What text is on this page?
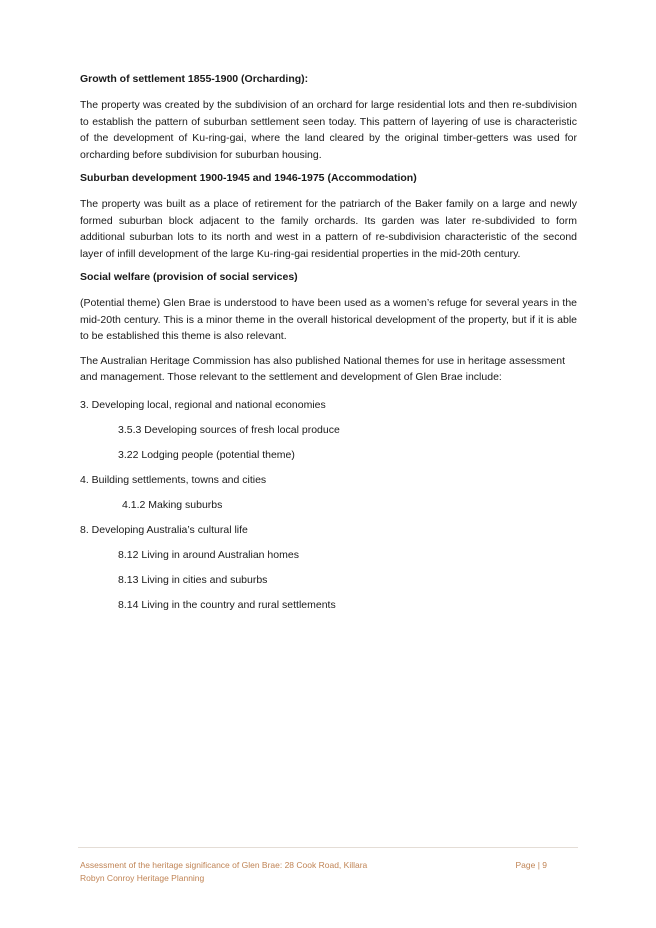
Growth of settlement 1855-1900 (Orcharding):

The property was created by the subdivision of an orchard for large residential lots and then re-subdivision to establish the pattern of suburban settlement seen today. This pattern of layering of use is characteristic of the development of Ku-ring-gai, where the land cleared by the original timber-getters was used for orcharding before subdivision for suburban housing.

Suburban development 1900-1945 and 1946-1975 (Accommodation)

The property was built as a place of retirement for the patriarch of the Baker family on a large and newly formed suburban block adjacent to the family orchards. Its garden was later re-subdivided to form additional suburban lots to its north and west in a pattern of re-subdivision characteristic of the second layer of infill development of the large Ku-ring-gai residential properties in the mid-20th century.

Social welfare (provision of social services)

(Potential theme) Glen Brae is understood to have been used as a women’s refuge for several years in the mid-20th century. This is a minor theme in the overall historical development of the property, but if it is able to be established this theme is also relevant.

The Australian Heritage Commission has also published National themes for use in heritage assessment and management. Those relevant to the settlement and development of Glen Brae include:

3. Developing local, regional and national economies

3.5.3 Developing sources of fresh local produce

3.22 Lodging people (potential theme)

4. Building settlements, towns and cities

4.1.2 Making suburbs

8. Developing Australia’s cultural life

8.12 Living in around Australian homes

8.13 Living in cities and suburbs

8.14 Living in the country and rural settlements

Assessment of the heritage significance of Glen Brae: 28 Cook Road, Killara
Robyn Conroy Heritage Planning
Page | 9
